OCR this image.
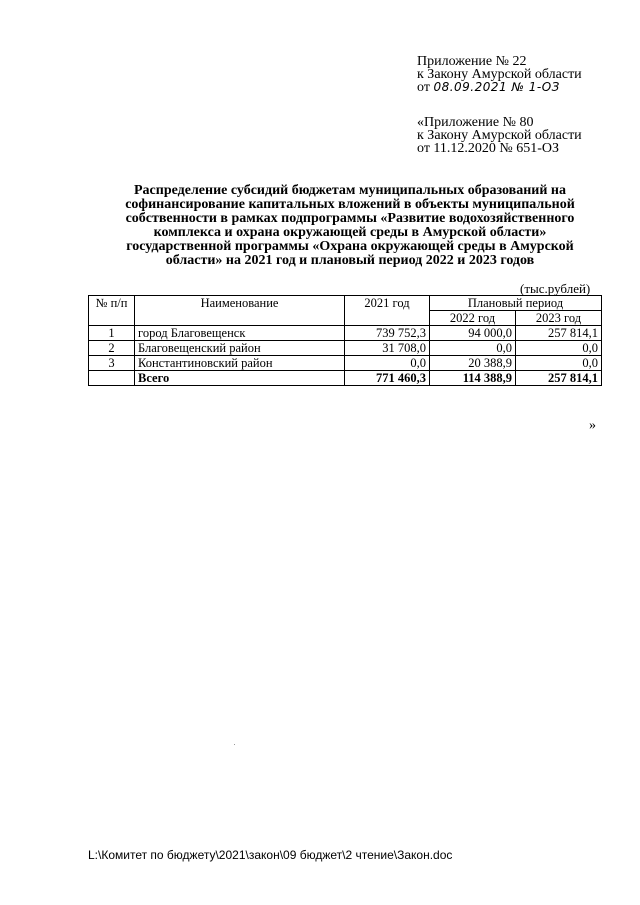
Приложение № 22
к Закону Амурской области
от 08.09.2021 № 1-ОЗ
«Приложение № 80
к Закону Амурской области
от 11.12.2020 № 651-ОЗ
Распределение субсидий бюджетам муниципальных образований на
софинансирование капитальных вложений в объекты муниципальной
собственности в рамках подпрограммы «Развитие водохозяйственного
комплекса и охрана окружающей среды в Амурской области»
государственной программы «Охрана окружающей среды в Амурской
области» на 2021 год и плановый период 2022 и 2023 годов
(тыс.рублей)
№ п/п	Наименование	2021 год	Плановый период	
			2022 год	2023 год
1	город Благовещенск	739 752,3	94 000,0	257 814,1
2	Благовещенский район	31 708,0	0,0	0,0
3	Константиновский район	0,0	20 388,9	0,0
	Всего	771 460,3	114 388,9	257 814,1
»
L:\Комитет по бюджету\2021\закон\09 бюджет\2 чтение\Закон.doc
